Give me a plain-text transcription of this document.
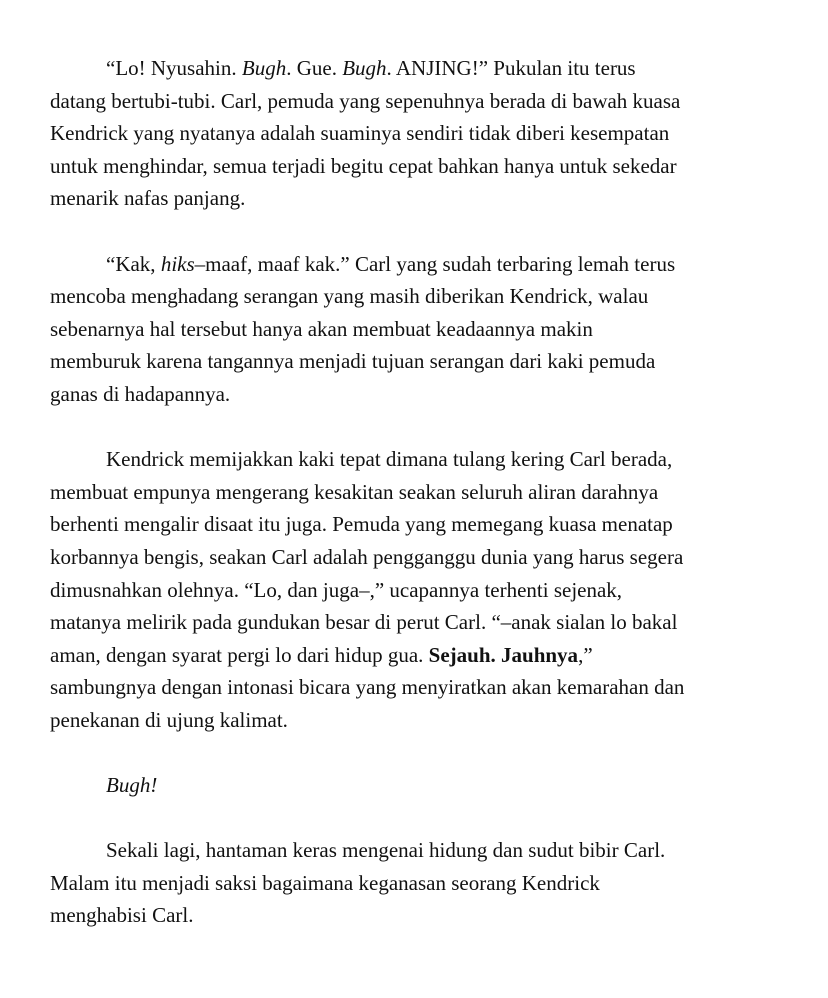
“Lo! Nyusahin. Bugh. Gue. Bugh. ANJING!” Pukulan itu terus
datang bertubi-tubi. Carl, pemuda yang sepenuhnya berada di bawah kuasa
Kendrick yang nyatanya adalah suaminya sendiri tidak diberi kesempatan
untuk menghindar, semua terjadi begitu cepat bahkan hanya untuk sekedar
menarik nafas panjang.
“Kak, hiks–maaf, maaf kak.” Carl yang sudah terbaring lemah terus
mencoba menghadang serangan yang masih diberikan Kendrick, walau
sebenarnya hal tersebut hanya akan membuat keadaannya makin
memburuk karena tangannya menjadi tujuan serangan dari kaki pemuda
ganas di hadapannya.
Kendrick memijakkan kaki tepat dimana tulang kering Carl berada,
membuat empunya mengerang kesakitan seakan seluruh aliran darahnya
berhenti mengalir disaat itu juga. Pemuda yang memegang kuasa menatap
korbannya bengis, seakan Carl adalah pengganggu dunia yang harus segera
dimusnahkan olehnya. “Lo, dan juga–,” ucapannya terhenti sejenak,
matanya melirik pada gundukan besar di perut Carl. “–anak sialan lo bakal
aman, dengan syarat pergi lo dari hidup gua. Sejauh. Jauhnya,”
sambungnya dengan intonasi bicara yang menyiratkan akan kemarahan dan
penekanan di ujung kalimat.
Bugh!
Sekali lagi, hantaman keras mengenai hidung dan sudut bibir Carl.
Malam itu menjadi saksi bagaimana keganasan seorang Kendrick
menghabisi Carl.
